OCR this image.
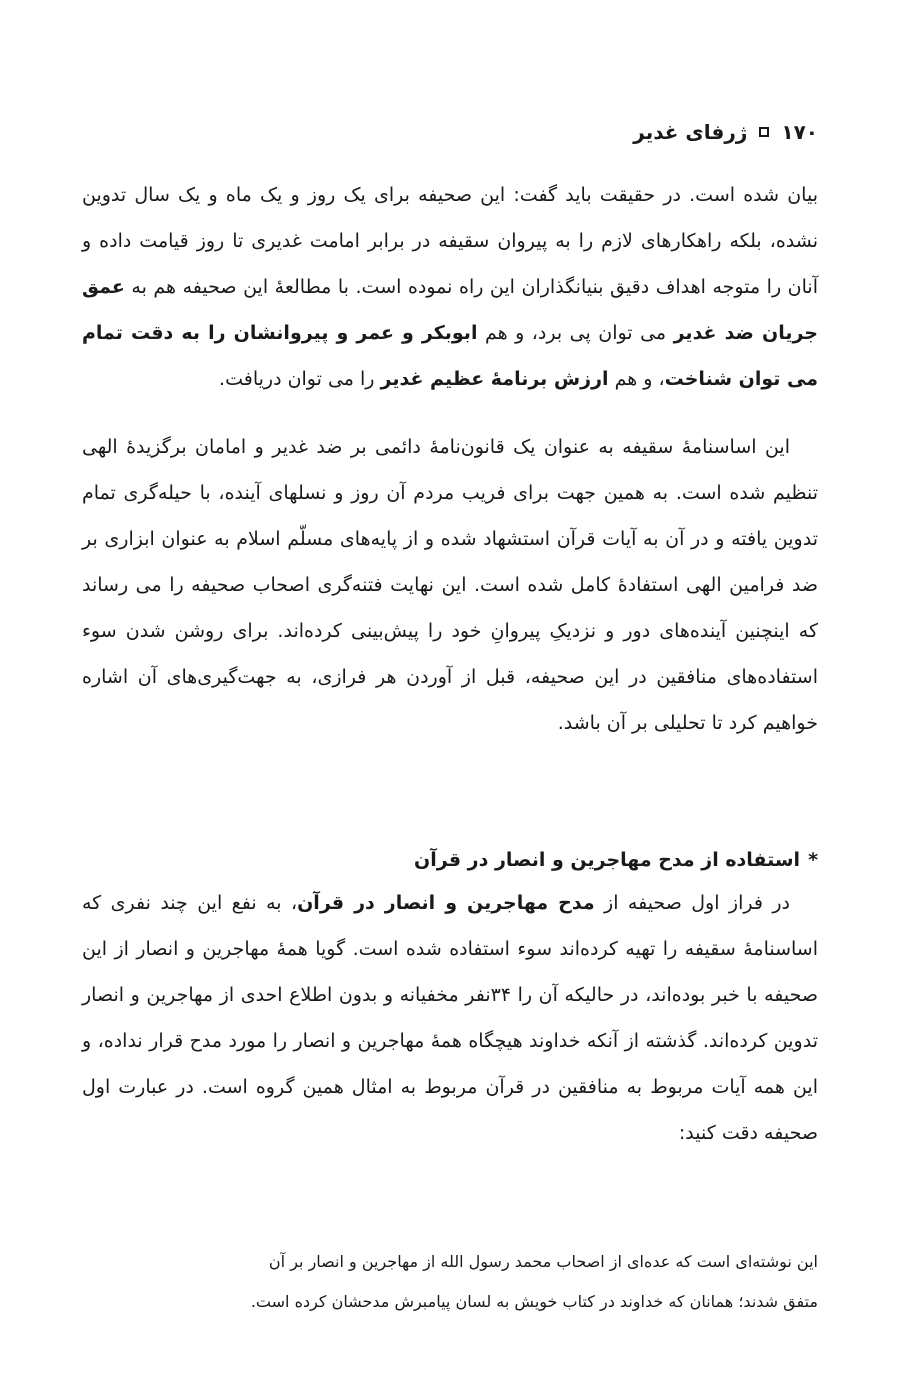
۱۷۰
ژرفای غدیر

بیان شده است. در حقیقت باید گفت: این صحیفه برای یک روز و یک ماه و یک سال تدوین نشده، بلکه راهکارهای لازم را به پیروان سقیفه در برابر امامت غدیری تا روز قیامت داده و آنان را متوجه اهداف دقیق بنیانگذاران این راه نموده است. با مطالعهٔ این صحیفه هم به عمق جریان ضد غدیر می توان پی برد، و هم ابوبکر و عمر و پیروانشان را به دقت تمام می توان شناخت، و هم ارزش برنامهٔ عظیم غدیر را می توان دریافت.

این اساسنامهٔ سقیفه به عنوان یک قانون‌نامهٔ دائمی بر ضد غدیر و امامان برگزیدهٔ الهی تنظیم شده است. به همین جهت برای فریب مردم آن روز و نسلهای آینده، با حیله‌گری تمام تدوین یافته و در آن به آیات قرآن استشهاد شده و از پایه‌های مسلّم اسلام به عنوان ابزاری بر ضد فرامین الهی استفادهٔ کامل شده است. این نهایت فتنه‌گری اصحاب صحیفه را می رساند که اینچنین آینده‌های دور و نزدیکِ پیروانِ خود را پیش‌بینی کرده‌اند. برای روشن شدن سوء استفاده‌های منافقین در این صحیفه، قبل از آوردن هر فرازی، به جهت‌گیری‌های آن اشاره خواهیم کرد تا تحلیلی بر آن باشد.

*استفاده از مدح مهاجرین و انصار در قرآن

در فراز اول صحیفه از مدح مهاجرین و انصار در قرآن، به نفع این چند نفری که اساسنامهٔ سقیفه را تهیه کرده‌اند سوء استفاده شده است. گویا همهٔ مهاجرین و انصار از این صحیفه با خبر بوده‌اند، در حالیکه آن را ۳۴نفر مخفیانه و بدون اطلاع احدی از مهاجرین و انصار تدوین کرده‌اند. گذشته از آنکه خداوند هیچگاه همهٔ مهاجرین و انصار را مورد مدح قرار نداده، و این همه آیات مربوط به منافقین در قرآن مربوط به امثال همین گروه است. در عبارت اول صحیفه دقت کنید:

این نوشته‌ای است که عده‌ای از اصحاب محمد رسول الله از مهاجرین و انصار بر آن

متفق شدند؛ همانان که خداوند در کتاب خویش به لسان پیامبرش مدحشان کرده است.
